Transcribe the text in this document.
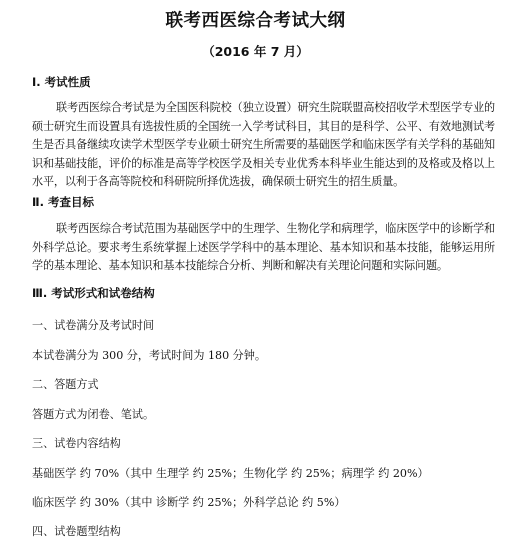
联考西医综合考试大纲
（2016 年 7 月）
Ⅰ. 考试性质
联考西医综合考试是为全国医科院校（独立设置）研究生院联盟高校招收学术型医学专业的硕士研究生而设置具有选拔性质的全国统一入学考试科目，其目的是科学、公平、有效地测试考生是否具备继续攻读学术型医学专业硕士研究生所需要的基础医学和临床医学有关学科的基础知识和基础技能，评价的标准是高等学校医学及相关专业优秀本科毕业生能达到的及格或及格以上水平，以利于各高等院校和科研院所择优选拔，确保硕士研究生的招生质量。
Ⅱ. 考查目标
联考西医综合考试范围为基础医学中的生理学、生物化学和病理学，临床医学中的诊断学和外科学总论。要求考生系统掌握上述医学学科中的基本理论、基本知识和基本技能，能够运用所学的基本理论、基本知识和基本技能综合分析、判断和解决有关理论问题和实际问题。
Ⅲ. 考试形式和试卷结构
一、试卷满分及考试时间
本试卷满分为 300 分，考试时间为 180 分钟。
二、答题方式
答题方式为闭卷、笔试。
三、试卷内容结构
基础医学 约 70%（其中 生理学 约 25%；生物化学 约 25%；病理学 约 20%）
临床医学 约 30%（其中 诊断学 约 25%；外科学总论 约 5%）
四、试卷题型结构
